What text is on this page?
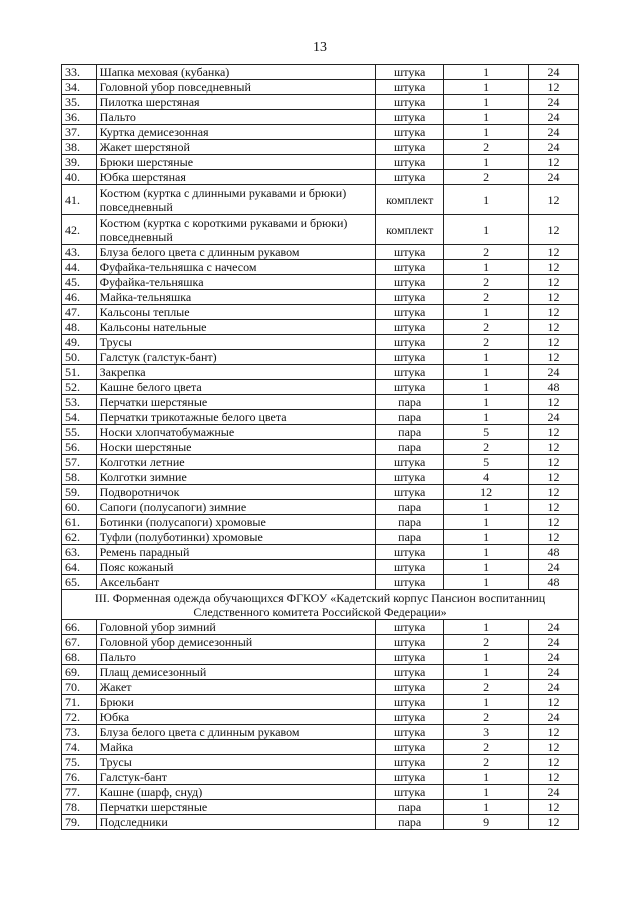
13
33.	Шапка меховая (кубанка)	штука	1	24
34.	Головной убор повседневный	штука	1	12
35.	Пилотка шерстяная	штука	1	24
36.	Пальто	штука	1	24
37.	Куртка демисезонная	штука	1	24
38.	Жакет шерстяной	штука	2	24
39.	Брюки шерстяные	штука	1	12
40.	Юбка шерстяная	штука	2	24
41.	Костюм (куртка с длинными рукавами и брюки) повседневный	комплект	1	12
42.	Костюм (куртка с короткими рукавами и брюки) повседневный	комплект	1	12
43.	Блуза белого цвета с длинным рукавом	штука	2	12
44.	Фуфайка-тельняшка с начесом	штука	1	12
45.	Фуфайка-тельняшка	штука	2	12
46.	Майка-тельняшка	штука	2	12
47.	Кальсоны теплые	штука	1	12
48.	Кальсоны нательные	штука	2	12
49.	Трусы	штука	2	12
50.	Галстук (галстук-бант)	штука	1	12
51.	Закрепка	штука	1	24
52.	Кашне белого цвета	штука	1	48
53.	Перчатки шерстяные	пара	1	12
54.	Перчатки трикотажные белого цвета	пара	1	24
55.	Носки хлопчатобумажные	пара	5	12
56.	Носки шерстяные	пара	2	12
57.	Колготки летние	штука	5	12
58.	Колготки зимние	штука	4	12
59.	Подворотничок	штука	12	12
60.	Сапоги (полусапоги) зимние	пара	1	12
61.	Ботинки (полусапоги) хромовые	пара	1	12
62.	Туфли (полуботинки) хромовые	пара	1	12
63.	Ремень парадный	штука	1	48
64.	Пояс кожаный	штука	1	24
65.	Аксельбант	штука	1	48
III. Форменная одежда обучающихся ФГКОУ «Кадетский корпус Пансион воспитанниц Следственного комитета Российской Федерации»				
66.	Головной убор зимний	штука	1	24
67.	Головной убор демисезонный	штука	2	24
68.	Пальто	штука	1	24
69.	Плащ демисезонный	штука	1	24
70.	Жакет	штука	2	24
71.	Брюки	штука	1	12
72.	Юбка	штука	2	24
73.	Блуза белого цвета с длинным рукавом	штука	3	12
74.	Майка	штука	2	12
75.	Трусы	штука	2	12
76.	Галстук-бант	штука	1	12
77.	Кашне (шарф, снуд)	штука	1	24
78.	Перчатки шерстяные	пара	1	12
79.	Подследники	пара	9	12
